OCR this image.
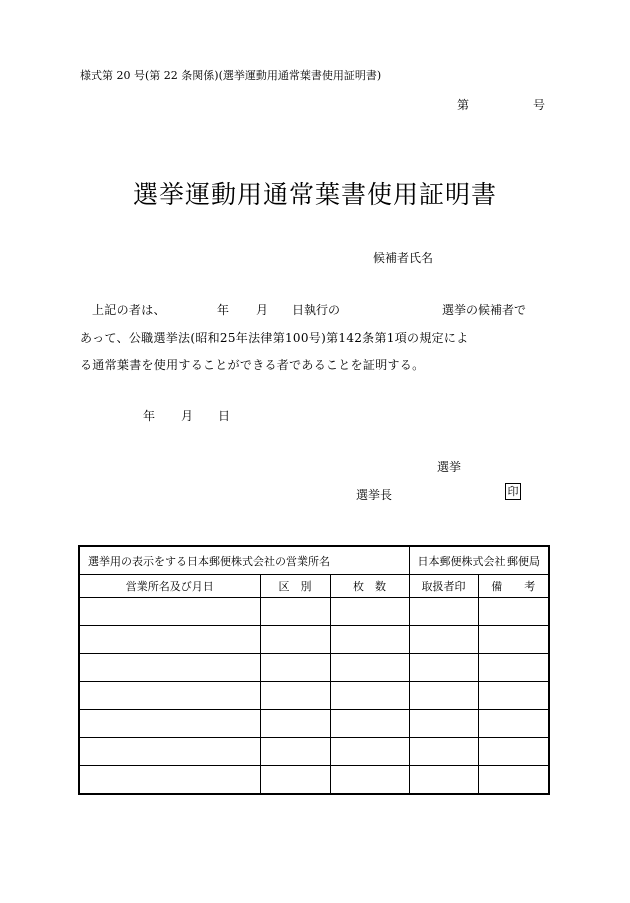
様式第 20 号(第 22 条関係)(選挙運動用通常葉書使用証明書)
第	号
選挙運動用通常葉書使用証明書
候補者氏名
上記の者は、	年 月 日執行の	選挙の候補者で
あって、公職選挙法(昭和25年法律第100号)第142条第1項の規定によ
る通常葉書を使用することができる者であることを証明する。
年 月 日
選挙
選挙長	印
選挙用の表示をする日本郵便株式会社の営業所名			日本郵便株式会社 郵便局	

営業所名及び月日	区　別	枚　数	取扱者印	備　　考
